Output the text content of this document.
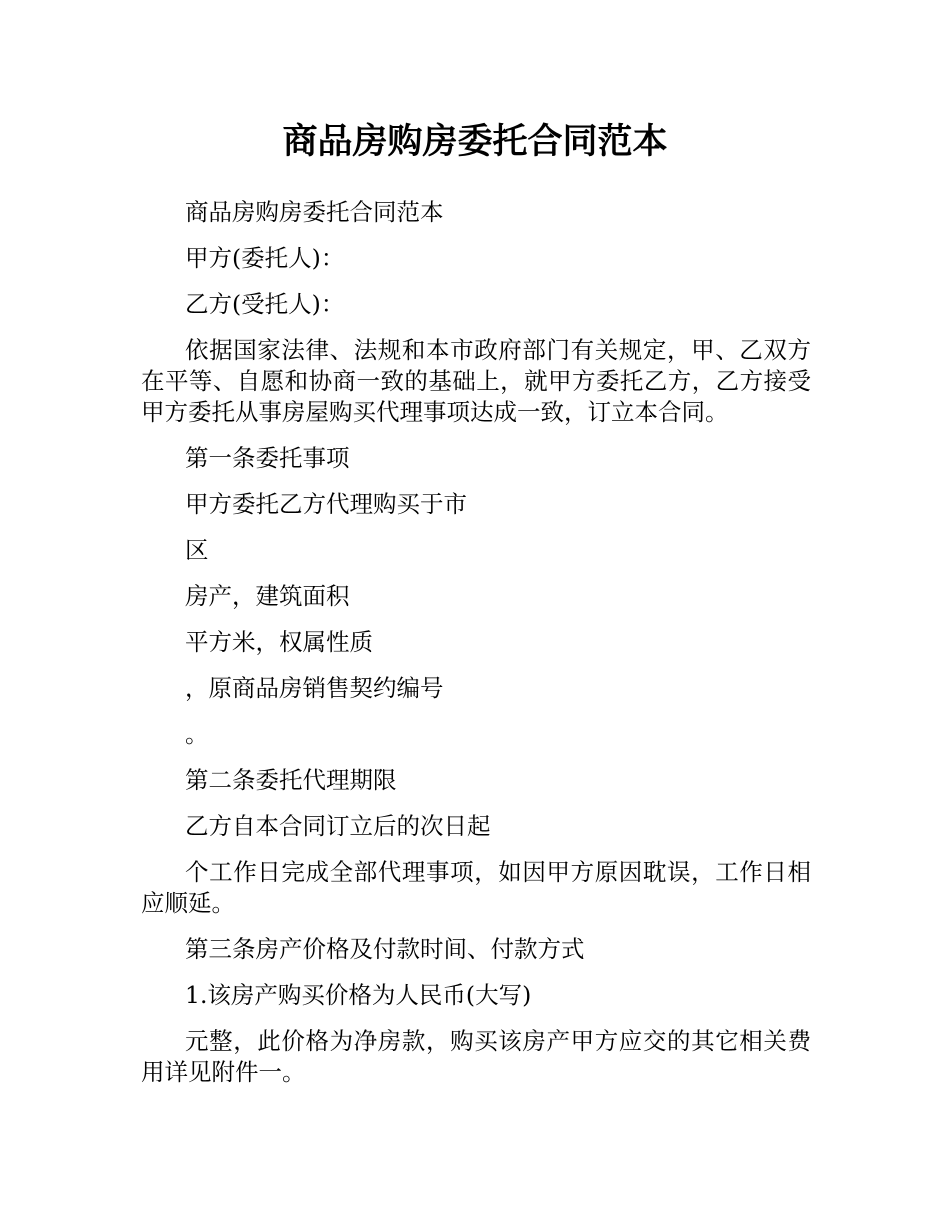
商品房购房委托合同范本

商品房购房委托合同范本

甲方(委托人)：

乙方(受托人)：

依据国家法律、法规和本市政府部门有关规定，甲、乙双方在平等、自愿和协商一致的基础上，就甲方委托乙方，乙方接受甲方委托从事房屋购买代理事项达成一致，订立本合同。

第一条委托事项

甲方委托乙方代理购买于市

区

房产，建筑面积

平方米，权属性质

，原商品房销售契约编号

。

第二条委托代理期限

乙方自本合同订立后的次日起

个工作日完成全部代理事项，如因甲方原因耽误，工作日相应顺延。

第三条房产价格及付款时间、付款方式

1.该房产购买价格为人民币(大写)

元整，此价格为净房款，购买该房产甲方应交的其它相关费用详见附件一。
